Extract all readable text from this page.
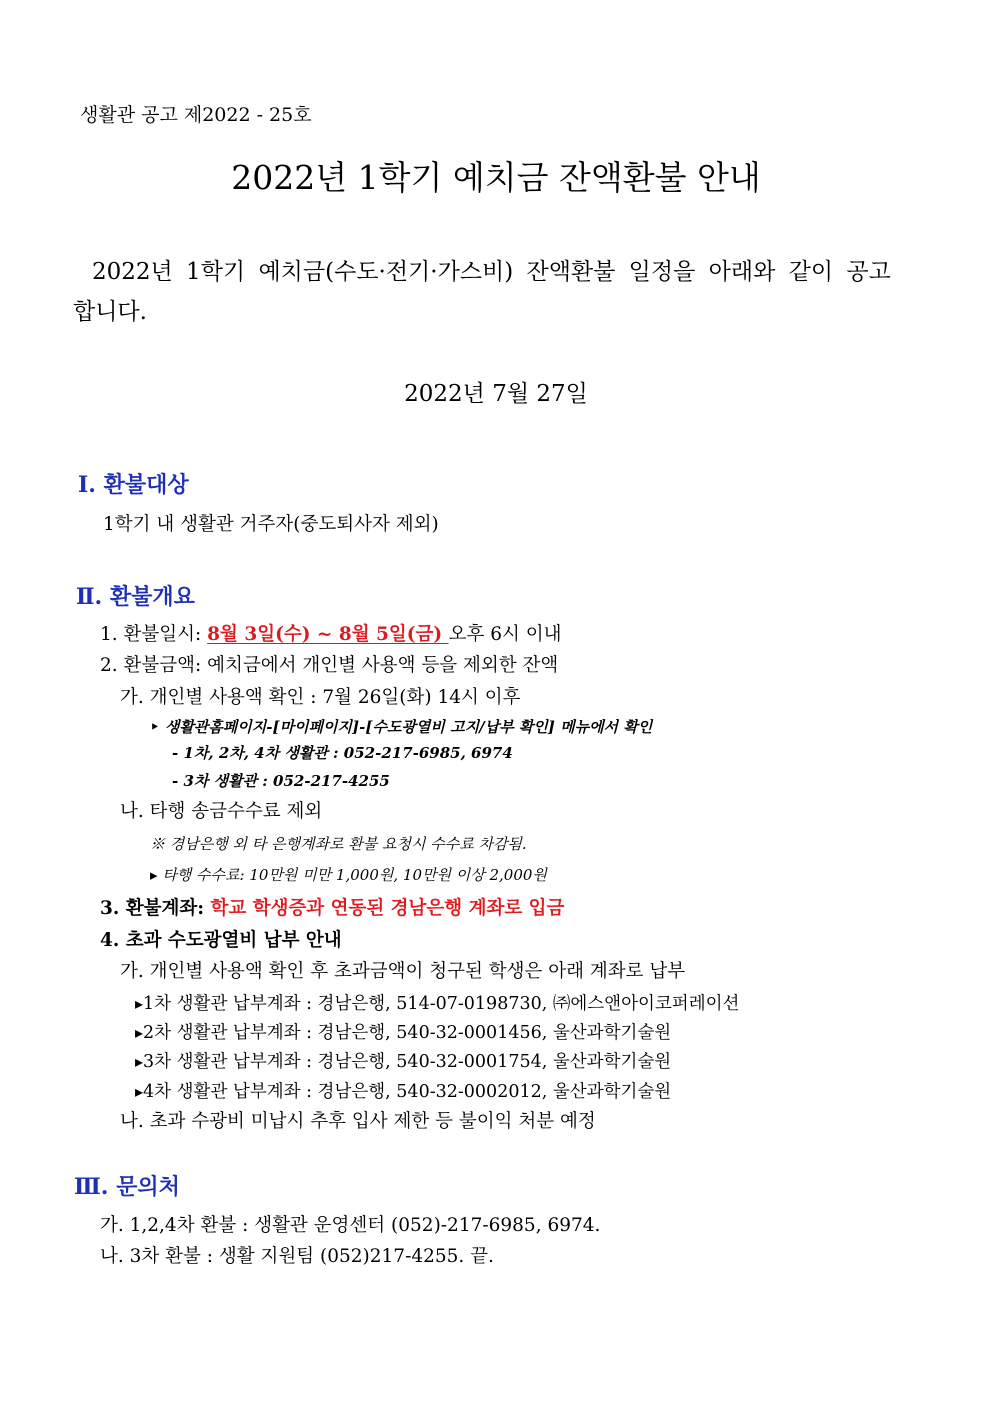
생활관 공고 제2022 - 25호
2022년 1학기 예치금 잔액환불 안내
2022년 1학기 예치금(수도·전기·가스비) 잔액환불 일정을 아래와 같이 공고
합니다.
2022년 7월 27일
Ⅰ. 환불대상
1학기 내 생활관 거주자(중도퇴사자 제외)
Ⅱ. 환불개요
1. 환불일시: 8월 3일(수) ~ 8월 5일(금) 오후 6시 이내
2. 환불금액: 예치금에서 개인별 사용액 등을 제외한 잔액
가. 개인별 사용액 확인 : 7월 26일(화) 14시 이후
‣ 생활관홈페이지-[마이페이지]-[수도광열비 고지/납부 확인] 메뉴에서 확인
- 1차, 2차, 4차 생활관 : 052-217-6985, 6974
- 3차 생활관 : 052-217-4255
나. 타행 송금수수료 제외
※ 경남은행 외 타 은행계좌로 환불 요청시 수수료 차감됨.
▸ 타행 수수료: 10만원 미만 1,000원, 10만원 이상 2,000원
3. 환불계좌: 학교 학생증과 연동된 경남은행 계좌로 입금
4. 초과 수도광열비 납부 안내
가. 개인별 사용액 확인 후 초과금액이 청구된 학생은 아래 계좌로 납부
▸1차 생활관 납부계좌 : 경남은행, 514-07-0198730, ㈜에스앤아이코퍼레이션
▸2차 생활관 납부계좌 : 경남은행, 540-32-0001456, 울산과학기술원
▸3차 생활관 납부계좌 : 경남은행, 540-32-0001754, 울산과학기술원
▸4차 생활관 납부계좌 : 경남은행, 540-32-0002012, 울산과학기술원
나. 초과 수광비 미납시 추후 입사 제한 등 불이익 처분 예정
Ⅲ. 문의처
가. 1,2,4차 환불 : 생활관 운영센터 (052)-217-6985, 6974.
나. 3차 환불 : 생활 지원팀 (052)217-4255. 끝.
